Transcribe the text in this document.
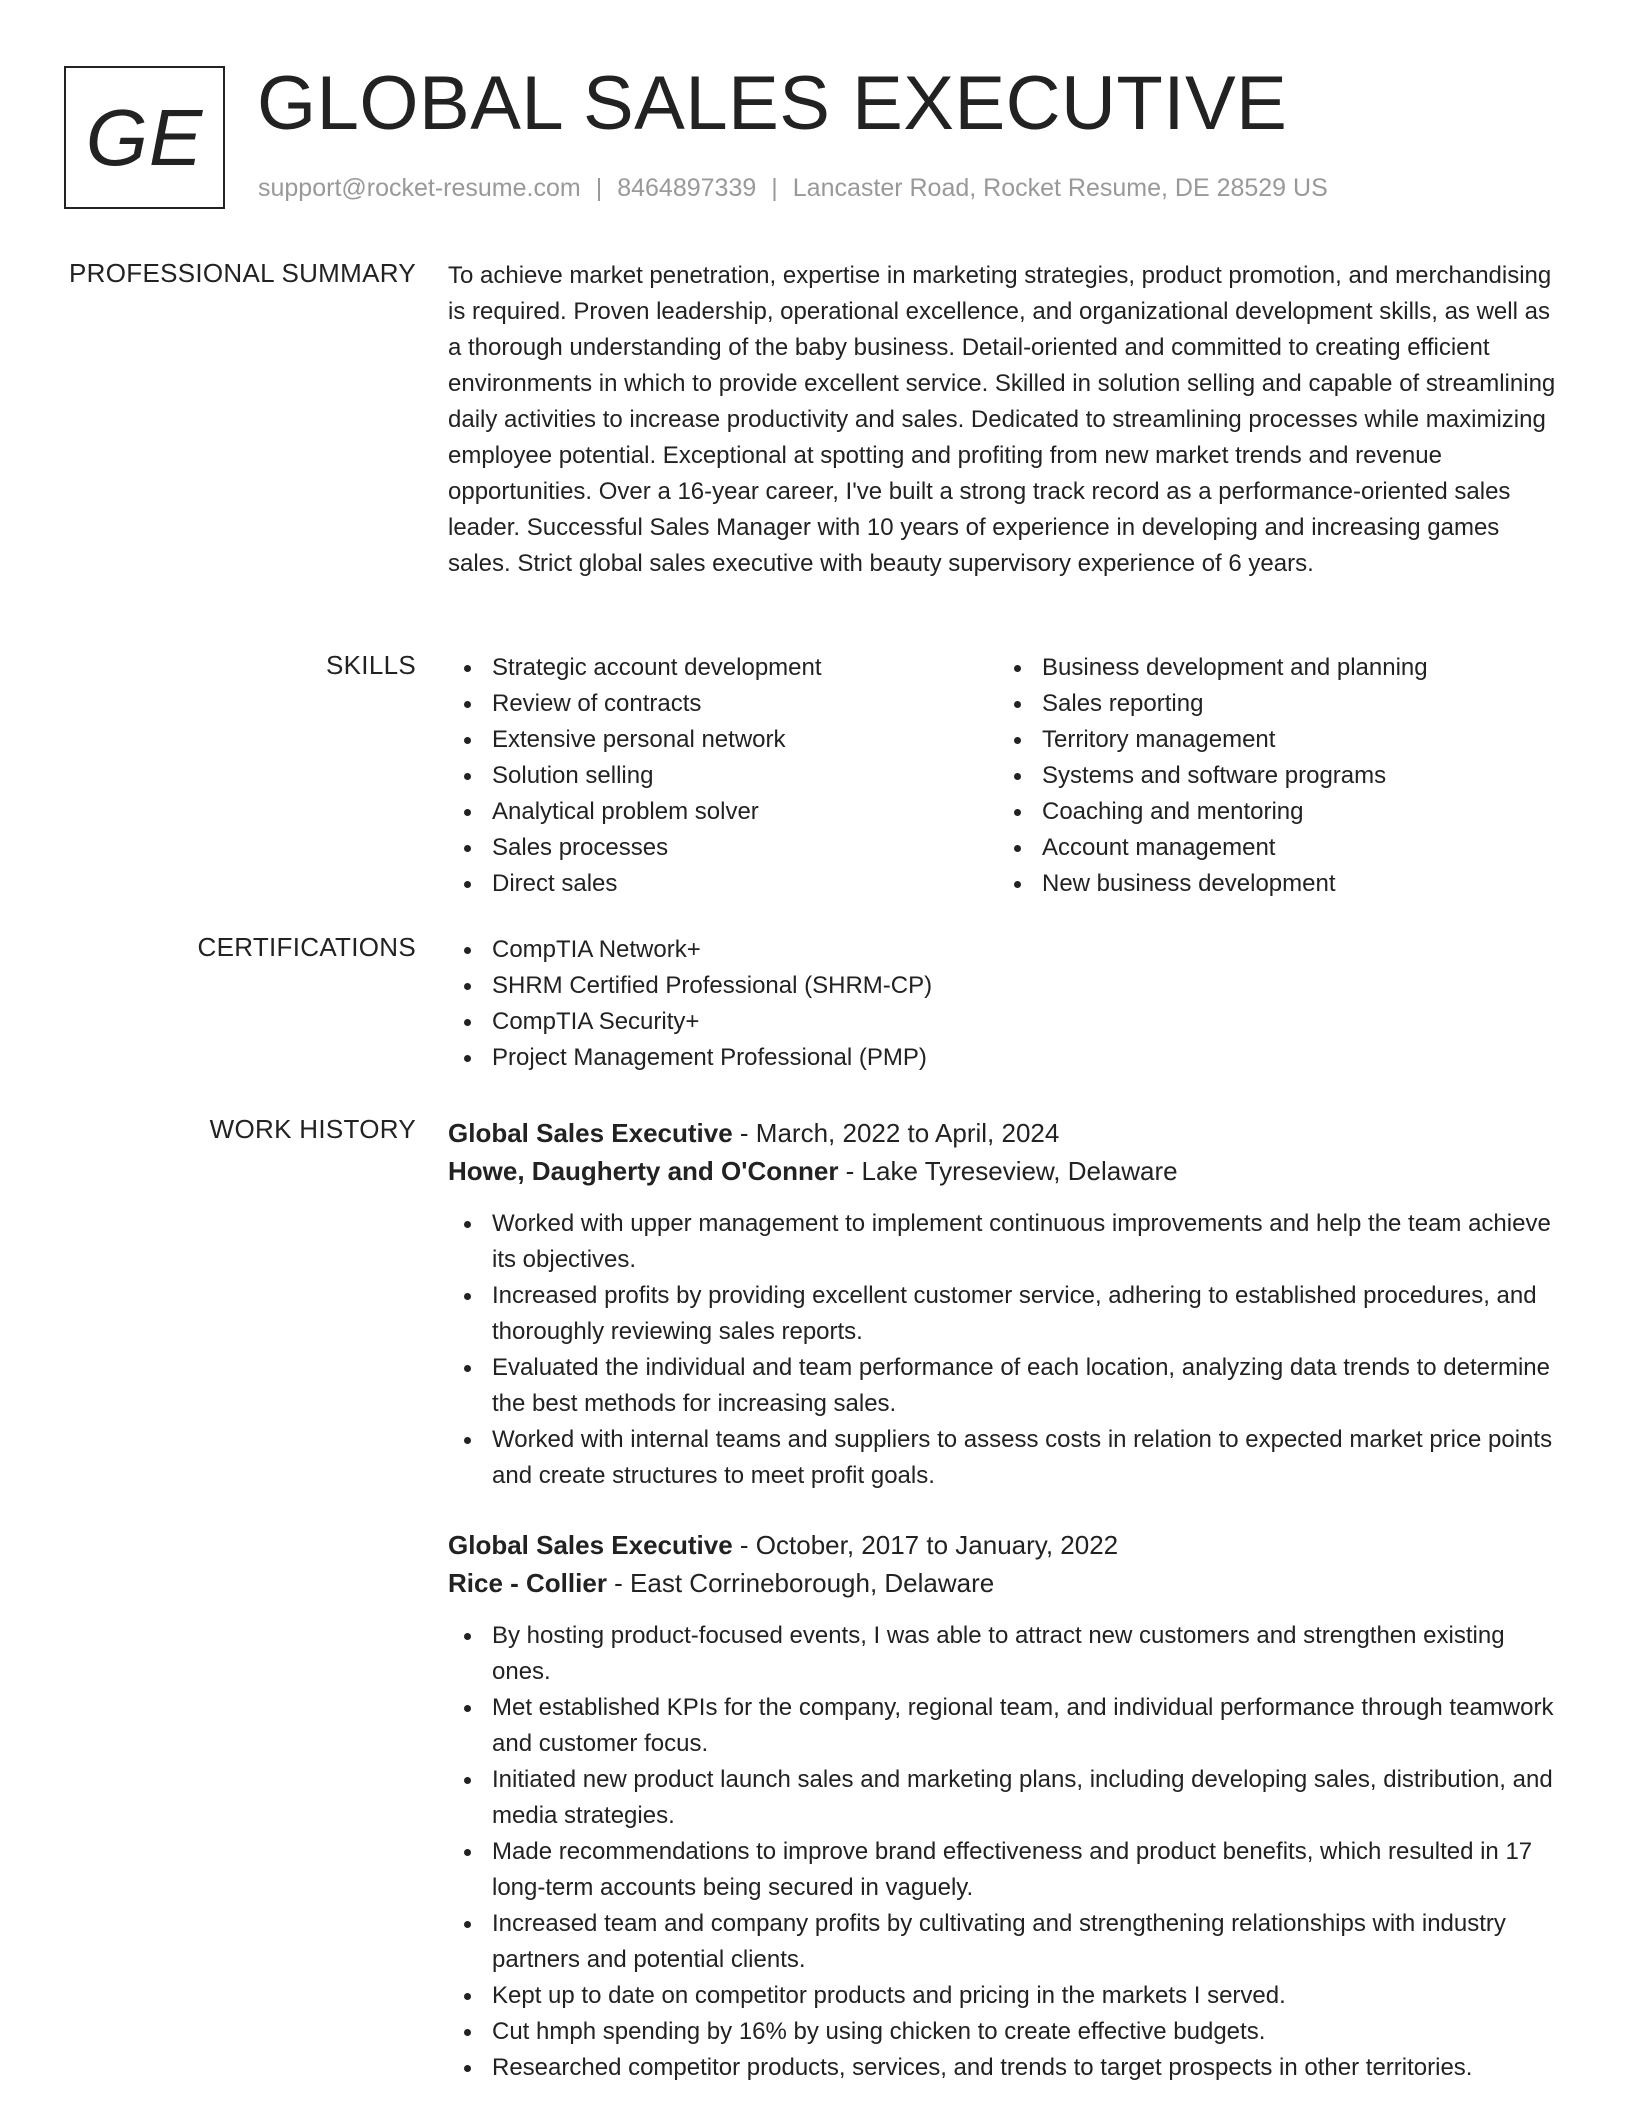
GE GLOBAL SALES EXECUTIVE
support@rocket-resume.com | 8464897339 | Lancaster Road, Rocket Resume, DE 28529 US
PROFESSIONAL SUMMARY To achieve market penetration, expertise in marketing strategies, product promotion, and merchandising is required. Proven leadership, operational excellence, and organizational development skills, as well as a thorough understanding of the baby business. Detail-oriented and committed to creating efficient environments in which to provide excellent service. Skilled in solution selling and capable of streamlining daily activities to increase productivity and sales. Dedicated to streamlining processes while maximizing employee potential. Exceptional at spotting and profiting from new market trends and revenue opportunities. Over a 16-year career, I've built a strong track record as a performance-oriented sales leader. Successful Sales Manager with 10 years of experience in developing and increasing games sales. Strict global sales executive with beauty supervisory experience of 6 years.
SKILLS	Strategic account development
Review of contracts
Extensive personal network
Solution selling
Analytical problem solver
Sales processes
Direct sales
Business development and planning
Sales reporting
Territory management
Systems and software programs
Coaching and mentoring
Account management
New business development
CERTIFICATIONS	CompTIA Network+
SHRM Certified Professional (SHRM-CP)
CompTIA Security+
Project Management Professional (PMP)
WORK HISTORY Global Sales Executive - March, 2022 to April, 2024
Howe, Daugherty and O'Conner - Lake Tyreseview, Delaware
Worked with upper management to implement continuous improvements and help the team achieve its objectives.
Increased profits by providing excellent customer service, adhering to established procedures, and thoroughly reviewing sales reports.
Evaluated the individual and team performance of each location, analyzing data trends to determine the best methods for increasing sales.
Worked with internal teams and suppliers to assess costs in relation to expected market price points and create structures to meet profit goals.
Global Sales Executive - October, 2017 to January, 2022
Rice - Collier - East Corrineborough, Delaware
By hosting product-focused events, I was able to attract new customers and strengthen existing ones.
Met established KPIs for the company, regional team, and individual performance through teamwork and customer focus.
Initiated new product launch sales and marketing plans, including developing sales, distribution, and media strategies.
Made recommendations to improve brand effectiveness and product benefits, which resulted in 17 long-term accounts being secured in vaguely.
Increased team and company profits by cultivating and strengthening relationships with industry partners and potential clients.
Kept up to date on competitor products and pricing in the markets I served.
Cut hmph spending by 16% by using chicken to create effective budgets.
Researched competitor products, services, and trends to target prospects in other territories.
